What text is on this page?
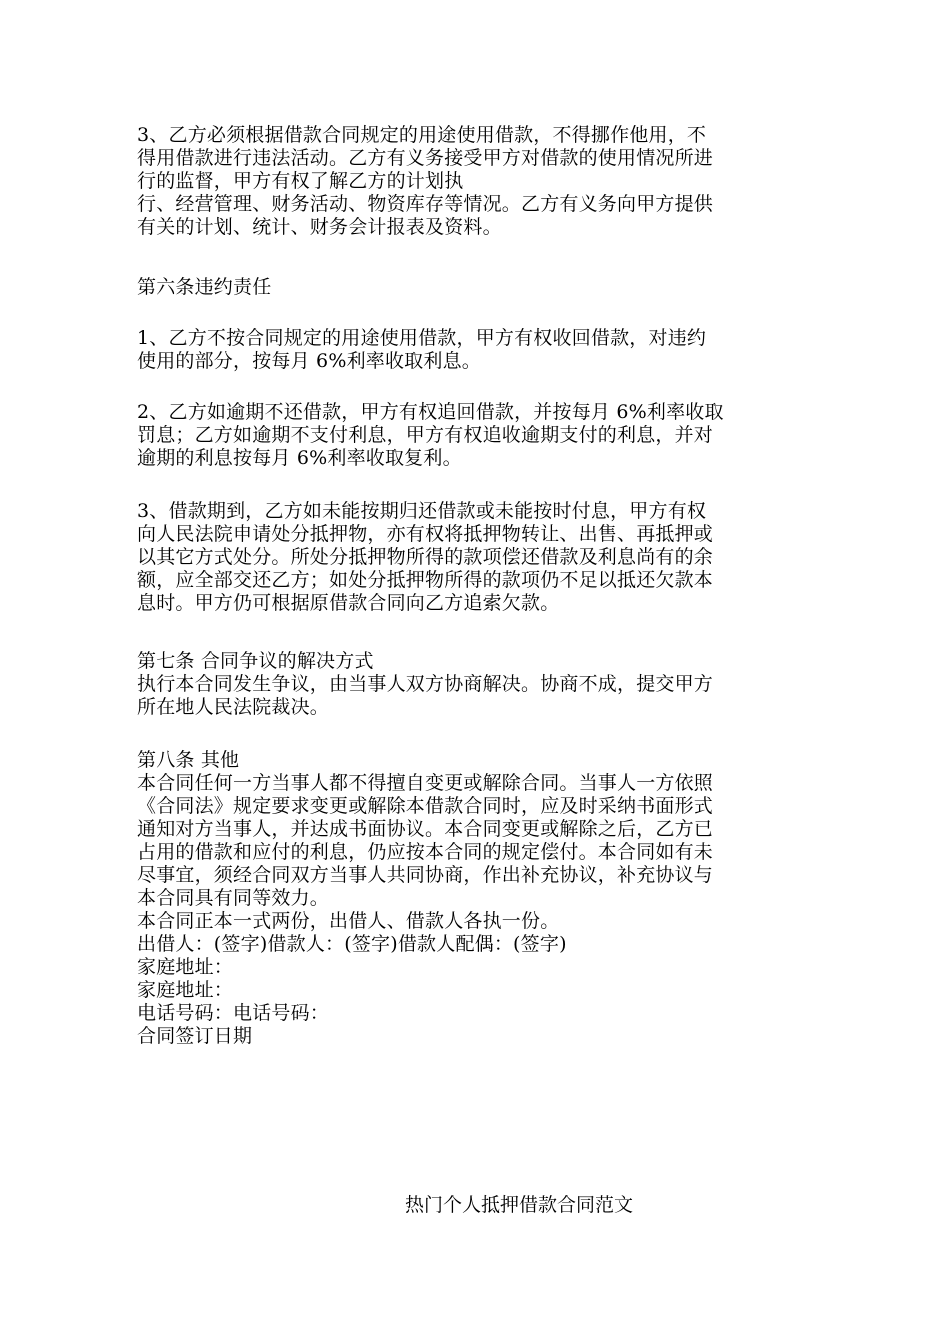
3、乙方必须根据借款合同规定的用途使用借款，不得挪作他用，不
得用借款进行违法活动。乙方有义务接受甲方对借款的使用情况所进
行的监督，甲方有权了解乙方的计划执
行、经营管理、财务活动、物资库存等情况。乙方有义务向甲方提供
有关的计划、统计、财务会计报表及资料。
第六条违约责任
1、乙方不按合同规定的用途使用借款，甲方有权收回借款，对违约
使用的部分，按每月 6%利率收取利息。
2、乙方如逾期不还借款，甲方有权追回借款，并按每月 6%利率收取
罚息；乙方如逾期不支付利息，甲方有权追收逾期支付的利息，并对
逾期的利息按每月 6%利率收取复利。
3、借款期到，乙方如未能按期归还借款或未能按时付息，甲方有权
向人民法院申请处分抵押物，亦有权将抵押物转让、出售、再抵押或
以其它方式处分。所处分抵押物所得的款项偿还借款及利息尚有的余
额，应全部交还乙方；如处分抵押物所得的款项仍不足以抵还欠款本
息时。甲方仍可根据原借款合同向乙方追索欠款。
第七条 合同争议的解决方式
执行本合同发生争议，由当事人双方协商解决。协商不成，提交甲方
所在地人民法院裁决。
第八条 其他
本合同任何一方当事人都不得擅自变更或解除合同。当事人一方依照
《合同法》规定要求变更或解除本借款合同时，应及时采纳书面形式
通知对方当事人，并达成书面协议。本合同变更或解除之后，乙方已
占用的借款和应付的利息，仍应按本合同的规定偿付。本合同如有未
尽事宜，须经合同双方当事人共同协商，作出补充协议，补充协议与
本合同具有同等效力。
本合同正本一式两份，出借人、借款人各执一份。
出借人：(签字)借款人：(签字)借款人配偶：(签字)
家庭地址：
家庭地址：
电话号码：电话号码：
合同签订日期
热门个人抵押借款合同范文
